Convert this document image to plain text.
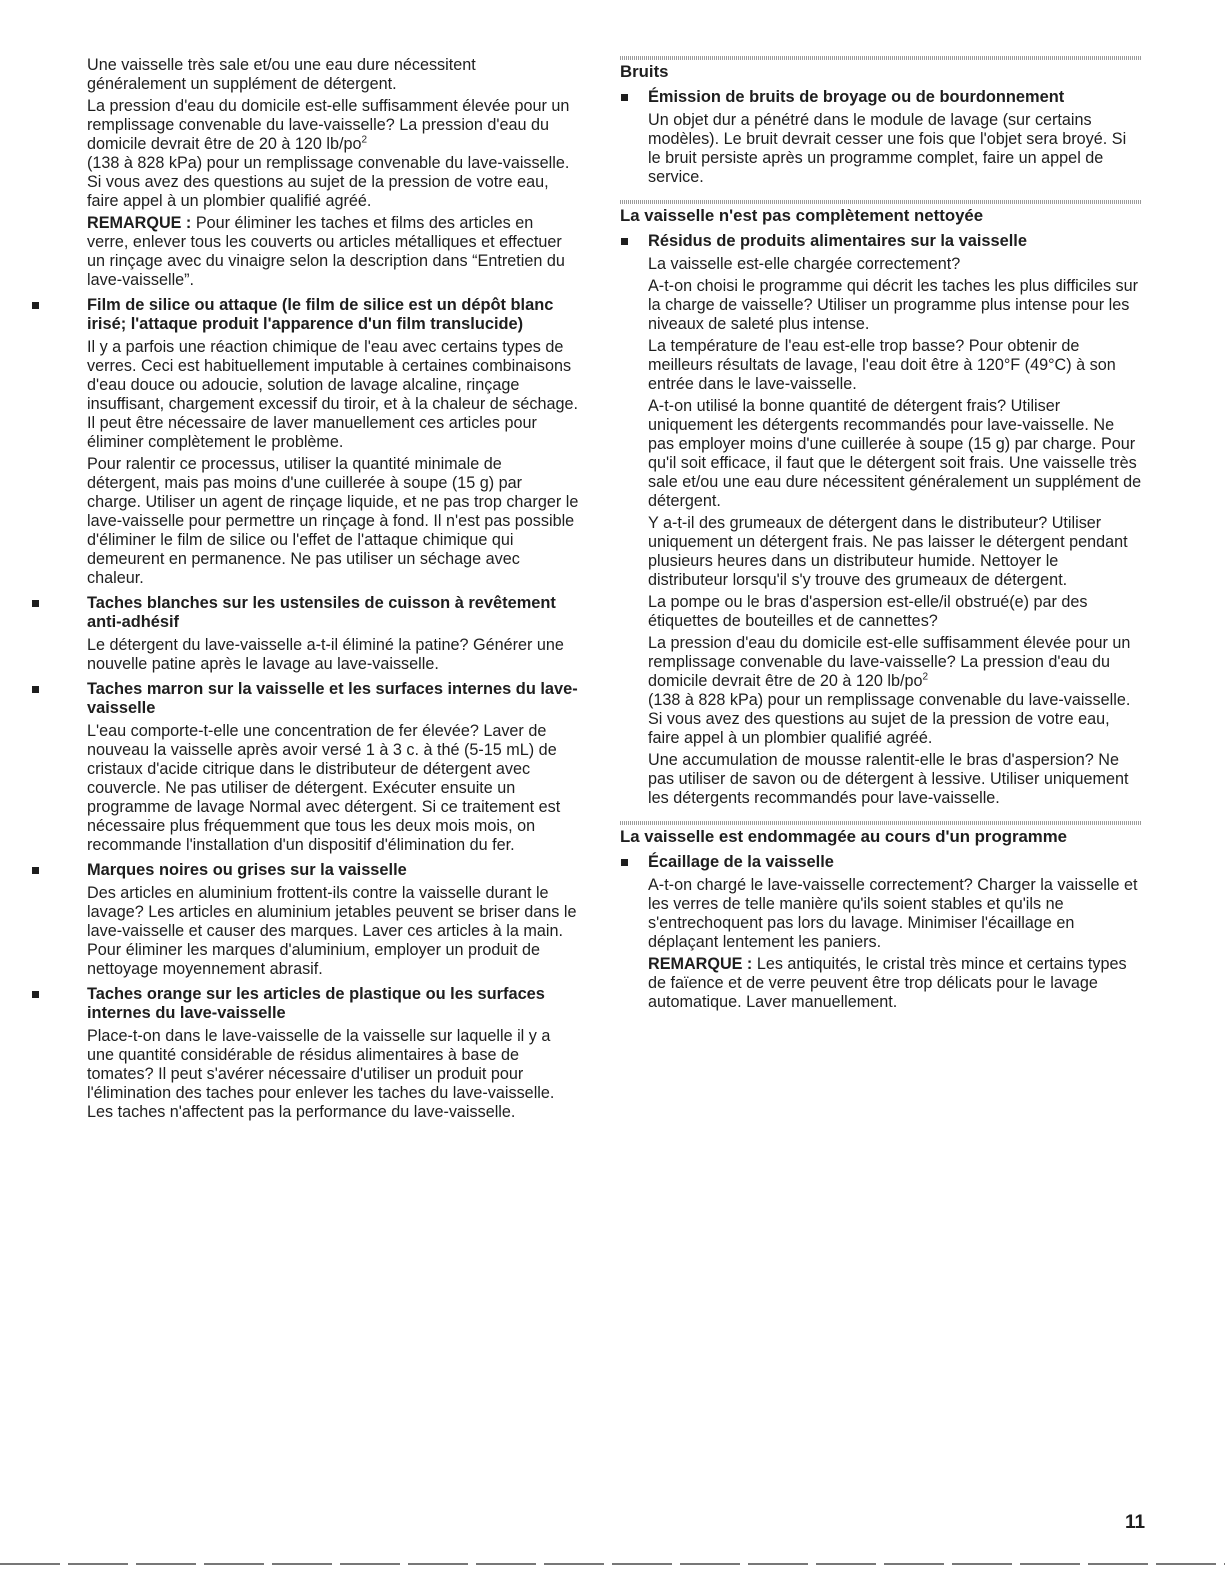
Une vaisselle très sale et/ou une eau dure nécessitent généralement un supplément de détergent.

La pression d'eau du domicile est-elle suffisamment élevée pour un remplissage convenable du lave-vaisselle? La pression d'eau du domicile devrait être de 20 à 120 $lb/po^2$
(138 à 828 kPa) pour un remplissage convenable du lave-vaisselle. Si vous avez des questions au sujet de la pression de votre eau, faire appel à un plombier qualifié agréé.

REMARQUE : Pour éliminer les taches et films des articles en verre, enlever tous les couverts ou articles métalliques et effectuer un rinçage avec du vinaigre selon la description dans “Entretien du lave-vaisselle”.

Film de silice ou attaque (le film de silice est un dépôt blanc irisé; l'attaque produit l'apparence d'un film translucide)

Il y a parfois une réaction chimique de l'eau avec certains types de verres. Ceci est habituellement imputable à certaines combinaisons d'eau douce ou adoucie, solution de lavage alcaline, rinçage insuffisant, chargement excessif du tiroir, et à la chaleur de séchage. Il peut être nécessaire de laver manuellement ces articles pour éliminer complètement le problème.

Pour ralentir ce processus, utiliser la quantité minimale de détergent, mais pas moins d'une cuillerée à soupe (15 g) par charge. Utiliser un agent de rinçage liquide, et ne pas trop charger le lave-vaisselle pour permettre un rinçage à fond. Il n'est pas possible d'éliminer le film de silice ou l'effet de l'attaque chimique qui demeurent en permanence. Ne pas utiliser un séchage avec chaleur.

Taches blanches sur les ustensiles de cuisson à revêtement anti-adhésif

Le détergent du lave-vaisselle a-t-il éliminé la patine? Générer une nouvelle patine après le lavage au lave-vaisselle.

Taches marron sur la vaisselle et les surfaces internes du lave-vaisselle

L'eau comporte-t-elle une concentration de fer élevée? Laver de nouveau la vaisselle après avoir versé 1 à 3 c. à thé (5-15 mL) de cristaux d'acide citrique dans le distributeur de détergent avec couvercle. Ne pas utiliser de détergent. Exécuter ensuite un programme de lavage Normal avec détergent. Si ce traitement est nécessaire plus fréquemment que tous les deux mois mois, on recommande l'installation d'un dispositif d'élimination du fer.

Marques noires ou grises sur la vaisselle

Des articles en aluminium frottent-ils contre la vaisselle durant le lavage? Les articles en aluminium jetables peuvent se briser dans le lave-vaisselle et causer des marques. Laver ces articles à la main. Pour éliminer les marques d'aluminium, employer un produit de nettoyage moyennement abrasif.

Taches orange sur les articles de plastique ou les surfaces internes du lave-vaisselle

Place-t-on dans le lave-vaisselle de la vaisselle sur laquelle il y a une quantité considérable de résidus alimentaires à base de tomates? Il peut s'avérer nécessaire d'utiliser un produit pour l'élimination des taches pour enlever les taches du lave-vaisselle. Les taches n'affectent pas la performance du lave-vaisselle.

Bruits
Émission de bruits de broyage ou de bourdonnement

Un objet dur a pénétré dans le module de lavage (sur certains modèles). Le bruit devrait cesser une fois que l'objet sera broyé. Si le bruit persiste après un programme complet, faire un appel de service.

La vaisselle n'est pas complètement nettoyée
Résidus de produits alimentaires sur la vaisselle

La vaisselle est-elle chargée correctement?

A-t-on choisi le programme qui décrit les taches les plus difficiles sur la charge de vaisselle? Utiliser un programme plus intense pour les niveaux de saleté plus intense.

La température de l'eau est-elle trop basse? Pour obtenir de meilleurs résultats de lavage, l'eau doit être à 120°F (49°C) à son entrée dans le lave-vaisselle.

A-t-on utilisé la bonne quantité de détergent frais? Utiliser uniquement les détergents recommandés pour lave-vaisselle. Ne pas employer moins d'une cuillerée à soupe (15 g) par charge. Pour qu'il soit efficace, il faut que le détergent soit frais. Une vaisselle très sale et/ou une eau dure nécessitent généralement un supplément de détergent.

Y a-t-il des grumeaux de détergent dans le distributeur? Utiliser uniquement un détergent frais. Ne pas laisser le détergent pendant plusieurs heures dans un distributeur humide. Nettoyer le distributeur lorsqu'il s'y trouve des grumeaux de détergent.

La pompe ou le bras d'aspersion est-elle/il obstrué(e) par des étiquettes de bouteilles et de cannettes?

La pression d'eau du domicile est-elle suffisamment élevée pour un remplissage convenable du lave-vaisselle? La pression d'eau du domicile devrait être de 20 à 120 $lb/po^2$
(138 à 828 kPa) pour un remplissage convenable du lave-vaisselle. Si vous avez des questions au sujet de la pression de votre eau, faire appel à un plombier qualifié agréé.

Une accumulation de mousse ralentit-elle le bras d'aspersion? Ne pas utiliser de savon ou de détergent à lessive. Utiliser uniquement les détergents recommandés pour lave-vaisselle.

La vaisselle est endommagée au cours d'un programme
Écaillage de la vaisselle

A-t-on chargé le lave-vaisselle correctement? Charger la vaisselle et les verres de telle manière qu'ils soient stables et qu'ils ne s'entrechoquent pas lors du lavage. Minimiser l'écaillage en déplaçant lentement les paniers.

REMARQUE : Les antiquités, le cristal très mince et certains types de faïence et de verre peuvent être trop délicats pour le lavage automatique. Laver manuellement.

11
